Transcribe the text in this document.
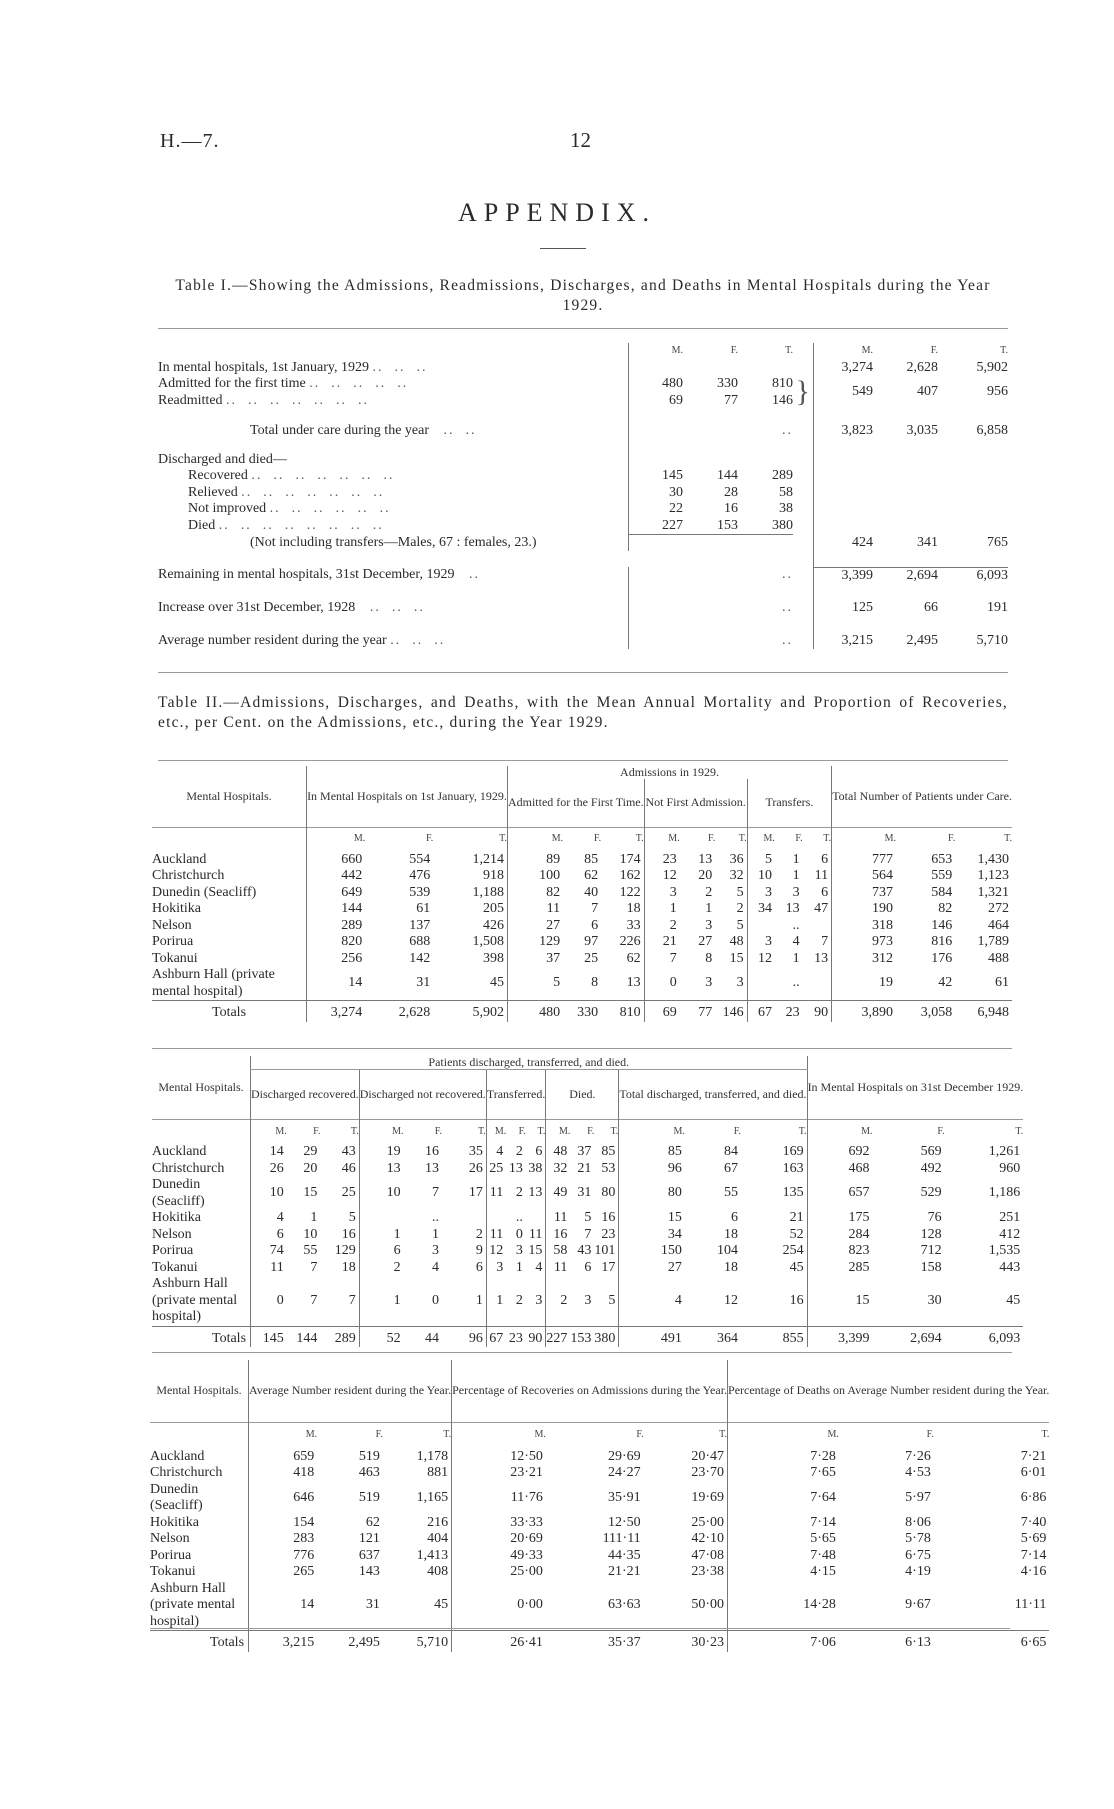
H.—7.	12
APPENDIX.
Table I.—Showing the Admissions, Readmissions, Discharges, and Deaths in Mental Hospitals during the Year 1929.
	M.	F.	T.		M.	F.	T.
In mental hospitals, 1st January, 1929 ..  ..  ..					3,274	2,628	5,902
Admitted for the first time ..  ..  ..  ..  ..	480	330	810	}	549	407	956
Readmitted ..  ..  ..  ..  ..  ..  ..	69	77	146				

Total under care during the year   ..  ..			..		3,823	3,035	6,858

Discharged and died—							
Recovered ..  ..  ..  ..  ..  ..  ..	145	144	289				
Relieved ..  ..  ..  ..  ..  ..  ..	30	28	58				
Not improved ..  ..  ..  ..  ..  ..	22	16	38				
Died ..  ..  ..  ..  ..  ..  ..  ..	227	153	380				
(Not including transfers—Males, 67 : females, 23.)					424	341	765

Remaining in mental hospitals, 31st December, 1929   ..			..		3,399	2,694	6,093

Increase over 31st December, 1928   ..  ..  ..			..		125	66	191

Average number resident during the year ..  ..  ..			..		3,215	2,495	5,710
Table II.—Admissions, Discharges, and Deaths, with the Mean Annual Mortality and Proportion of Recoveries, etc., per Cent. on the Admissions, etc., during the Year 1929.
Mental Hospitals.	In Mental Hospitals on 1st January, 1929.			Admissions in 1929.									Total Number of Patients under Care.		
				Admitted for the First Time.			Not First Admission.			Transfers.					
	M.	F.	T.	M.	F.	T.	M.	F.	T.	M.	F.	T.	M.	F.	T.
Auckland	660	554	1,214	89	85	174	23	13	36	5	1	6	777	653	1,430
Christchurch	442	476	918	100	62	162	12	20	32	10	1	11	564	559	1,123
Dunedin (Seacliff)	649	539	1,188	82	40	122	3	2	5	3	3	6	737	584	1,321
Hokitika	144	61	205	11	7	18	1	1	2	34	13	47	190	82	272
Nelson	289	137	426	27	6	33	2	3	5		..		318	146	464
Porirua	820	688	1,508	129	97	226	21	27	48	3	4	7	973	816	1,789
Tokanui	256	142	398	37	25	62	7	8	15	12	1	13	312	176	488
Ashburn Hall (private mental hospital)	14	31	45	5	8	13	0	3	3		..		19	42	61
Totals	3,274	2,628	5,902	480	330	810	69	77	146	67	23	90	3,890	3,058	6,948
Mental Hospitals.	Patients discharged, transferred, and died.															In Mental Hospitals on 31st December 1929.		
	Discharged recovered.			Discharged not recovered.			Transferred.			Died.			Total discharged, transferred, and died.					
	M.	F.	T.	M.	F.	T.	M.	F.	T.	M.	F.	T.	M.	F.	T.	M.	F.	T.
Auckland	14	29	43	19	16	35	4	2	6	48	37	85	85	84	169	692	569	1,261
Christchurch	26	20	46	13	13	26	25	13	38	32	21	53	96	67	163	468	492	960
Dunedin (Seacliff)	10	15	25	10	7	17	11	2	13	49	31	80	80	55	135	657	529	1,186
Hokitika	4	1	5		..			..		11	5	16	15	6	21	175	76	251
Nelson	6	10	16	1	1	2	11	0	11	16	7	23	34	18	52	284	128	412
Porirua	74	55	129	6	3	9	12	3	15	58	43	101	150	104	254	823	712	1,535
Tokanui	11	7	18	2	4	6	3	1	4	11	6	17	27	18	45	285	158	443
Ashburn Hall (private mental hospital)	0	7	7	1	0	1	1	2	3	2	3	5	4	12	16	15	30	45
Totals	145	144	289	52	44	96	67	23	90	227	153	380	491	364	855	3,399	2,694	6,093
Mental Hospitals.	Average Number resident during the Year.			Percentage of Recoveries on Admissions during the Year.			Percentage of Deaths on Average Number resident during the Year.		
	M.	F.	T.	M.	F.	T.	M.	F.	T.
Auckland	659	519	1,178	12·50	29·69	20·47	7·28	7·26	7·21
Christchurch	418	463	881	23·21	24·27	23·70	7·65	4·53	6·01
Dunedin (Seacliff)	646	519	1,165	11·76	35·91	19·69	7·64	5·97	6·86
Hokitika	154	62	216	33·33	12·50	25·00	7·14	8·06	7·40
Nelson	283	121	404	20·69	111·11	42·10	5·65	5·78	5·69
Porirua	776	637	1,413	49·33	44·35	47·08	7·48	6·75	7·14
Tokanui	265	143	408	25·00	21·21	23·38	4·15	4·19	4·16
Ashburn Hall (private mental hospital)	14	31	45	0·00	63·63	50·00	14·28	9·67	11·11
Totals	3,215	2,495	5,710	26·41	35·37	30·23	7·06	6·13	6·65
